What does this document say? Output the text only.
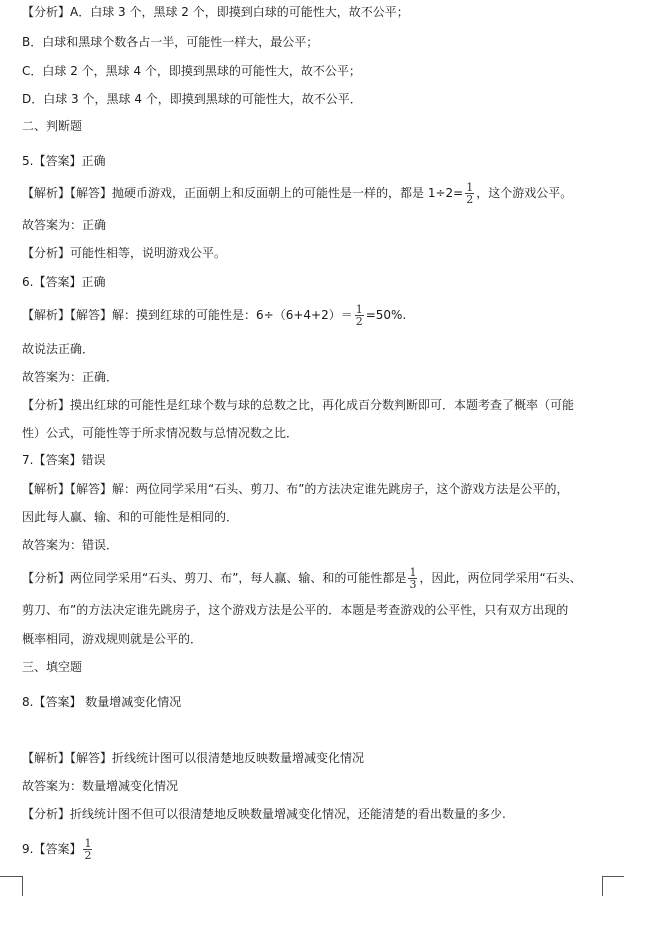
【分析】A．白球 3 个，黑球 2 个，即摸到白球的可能性大，故不公平；
B．白球和黑球个数各占一半，可能性一样大，最公平；
C．白球 2 个，黑球 4 个，即摸到黑球的可能性大，故不公平；
D．白球 3 个，黑球 4 个，即摸到黑球的可能性大，故不公平．
二、判断题
5.【答案】正确
【解析】【解答】抛硬币游戏，正面朝上和反面朝上的可能性是一样的，都是 $1\div 2= \frac{1}{2}$ ，这个游戏公平。
故答案为：正确
【分析】可能性相等，说明游戏公平。
6.【答案】正确
【解析】【解答】解：摸到红球的可能性是：$6\div(6+4+2)= \frac{1}{2} =50\%$.
故说法正确．
故答案为：正确．
【分析】摸出红球的可能性是红球个数与球的总数之比，再化成百分数判断即可．本题考查了概率（可能
性）公式，可能性等于所求情况数与总情况数之比．
7.【答案】错误
【解析】【解答】解：两位同学采用“石头、剪刀、布”的方法决定谁先跳房子，这个游戏方法是公平的，
因此每人赢、输、和的可能性是相同的．
故答案为：错误．
【分析】两位同学采用“石头、剪刀、布”，每人赢、输、和的可能性都是 $\frac{1}{3}$ ，因此，两位同学采用“石头、
剪刀、布”的方法决定谁先跳房子，这个游戏方法是公平的．本题是考查游戏的公平性，只有双方出现的
概率相同，游戏规则就是公平的．
三、填空题
8.【答案】 数量增减变化情况
【解析】【解答】折线统计图可以很清楚地反映数量增减变化情况
故答案为：数量增减变化情况
【分析】折线统计图不但可以很清楚地反映数量增减变化情况，还能清楚的看出数量的多少.
9.【答案】 $\frac{1}{2}$
